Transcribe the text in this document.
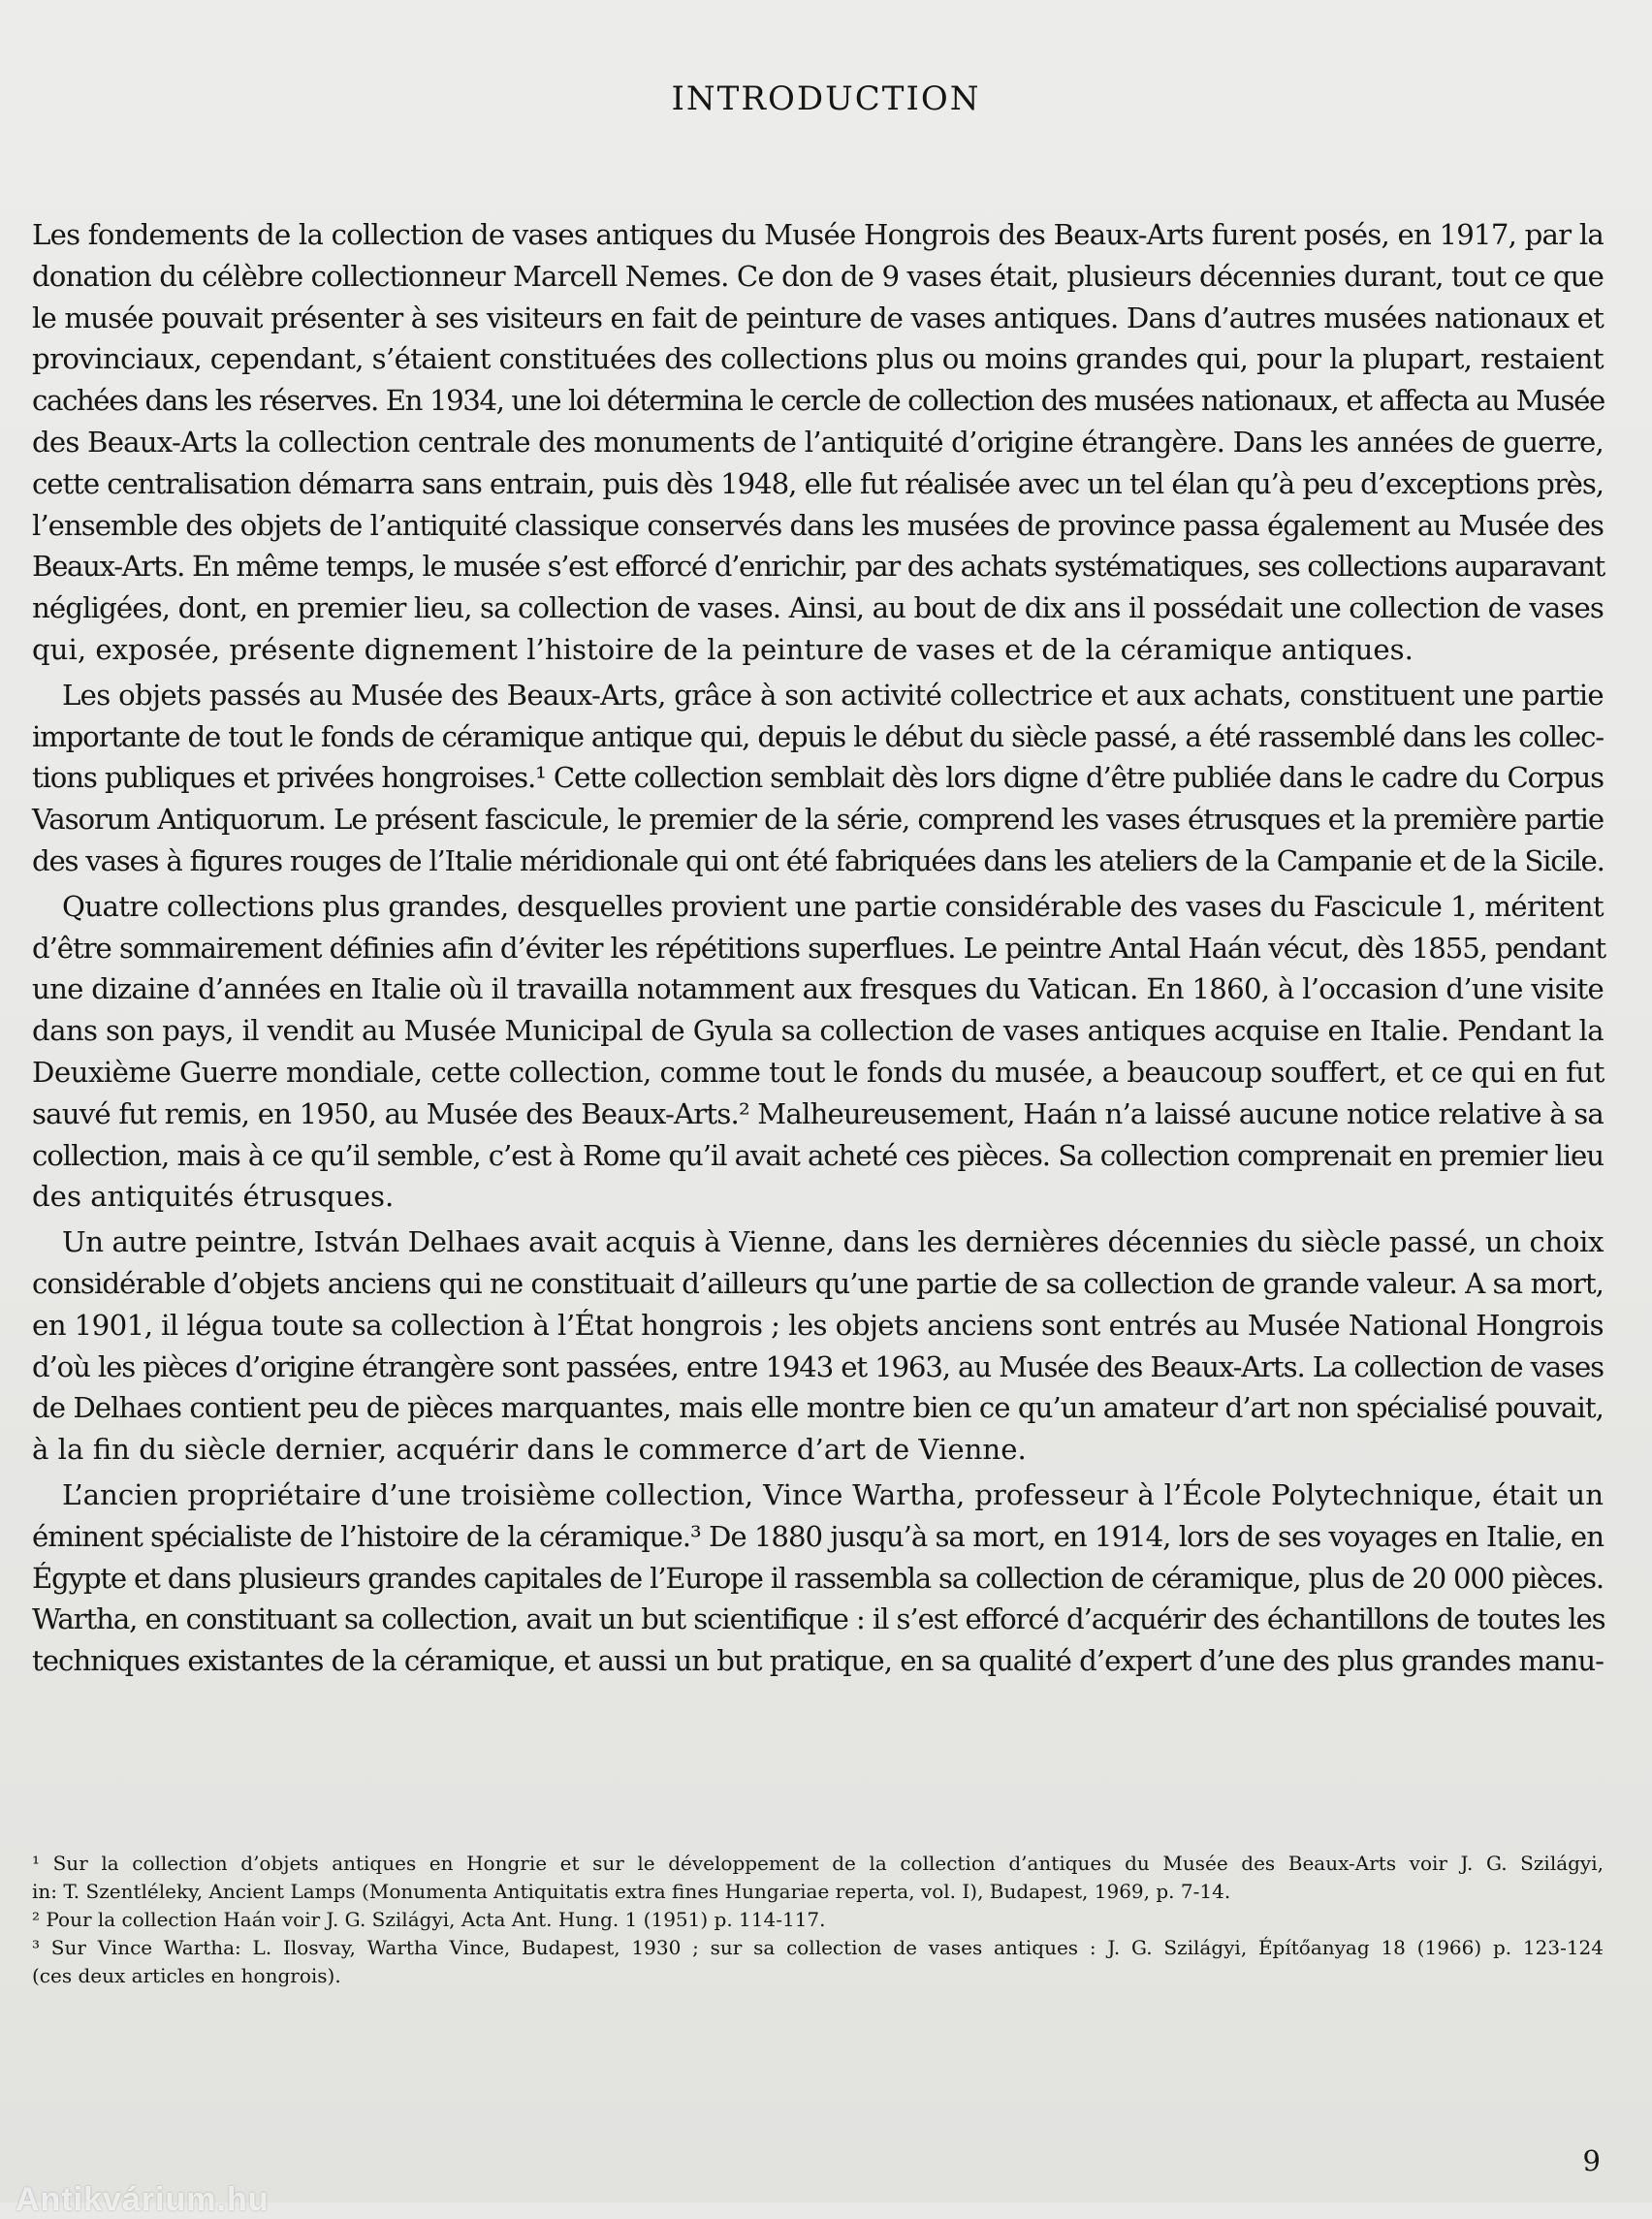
INTRODUCTION

Les fondements de la collection de vases antiques du Musée Hongrois des Beaux-Arts furent posés, en 1917, par la
donation du célèbre collectionneur Marcell Nemes. Ce don de 9 vases était, plusieurs décennies durant, tout ce que
le musée pouvait présenter à ses visiteurs en fait de peinture de vases antiques. Dans d’autres musées nationaux et
provinciaux, cependant, s’étaient constituées des collections plus ou moins grandes qui, pour la plupart, restaient
cachées dans les réserves. En 1934, une loi détermina le cercle de collection des musées nationaux, et affecta au Musée
des Beaux-Arts la collection centrale des monuments de l’antiquité d’origine étrangère. Dans les années de guerre,
cette centralisation démarra sans entrain, puis dès 1948, elle fut réalisée avec un tel élan qu’à peu d’exceptions près,
l’ensemble des objets de l’antiquité classique conservés dans les musées de province passa également au Musée des
Beaux-Arts. En même temps, le musée s’est efforcé d’enrichir, par des achats systématiques, ses collections auparavant
négligées, dont, en premier lieu, sa collection de vases. Ainsi, au bout de dix ans il possédait une collection de vases
qui, exposée, présente dignement l’histoire de la peinture de vases et de la céramique antiques.

Les objets passés au Musée des Beaux-Arts, grâce à son activité collectrice et aux achats, constituent une partie
importante de tout le fonds de céramique antique qui, depuis le début du siècle passé, a été rassemblé dans les collec-
tions publiques et privées hongroises.¹ Cette collection semblait dès lors digne d’être publiée dans le cadre du Corpus
Vasorum Antiquorum. Le présent fascicule, le premier de la série, comprend les vases étrusques et la première partie
des vases à figures rouges de l’Italie méridionale qui ont été fabriquées dans les ateliers de la Campanie et de la Sicile.

Quatre collections plus grandes, desquelles provient une partie considérable des vases du Fascicule 1, méritent
d’être sommairement définies afin d’éviter les répétitions superflues. Le peintre Antal Haán vécut, dès 1855, pendant
une dizaine d’années en Italie où il travailla notamment aux fresques du Vatican. En 1860, à l’occasion d’une visite
dans son pays, il vendit au Musée Municipal de Gyula sa collection de vases antiques acquise en Italie. Pendant la
Deuxième Guerre mondiale, cette collection, comme tout le fonds du musée, a beaucoup souffert, et ce qui en fut
sauvé fut remis, en 1950, au Musée des Beaux-Arts.² Malheureusement, Haán n’a laissé aucune notice relative à sa
collection, mais à ce qu’il semble, c’est à Rome qu’il avait acheté ces pièces. Sa collection comprenait en premier lieu
des antiquités étrusques.

Un autre peintre, István Delhaes avait acquis à Vienne, dans les dernières décennies du siècle passé, un choix
considérable d’objets anciens qui ne constituait d’ailleurs qu’une partie de sa collection de grande valeur. A sa mort,
en 1901, il légua toute sa collection à l’État hongrois ; les objets anciens sont entrés au Musée National Hongrois
d’où les pièces d’origine étrangère sont passées, entre 1943 et 1963, au Musée des Beaux-Arts. La collection de vases
de Delhaes contient peu de pièces marquantes, mais elle montre bien ce qu’un amateur d’art non spécialisé pouvait,
à la fin du siècle dernier, acquérir dans le commerce d’art de Vienne.

L’ancien propriétaire d’une troisième collection, Vince Wartha, professeur à l’École Polytechnique, était un
éminent spécialiste de l’histoire de la céramique.³ De 1880 jusqu’à sa mort, en 1914, lors de ses voyages en Italie, en
Égypte et dans plusieurs grandes capitales de l’Europe il rassembla sa collection de céramique, plus de 20 000 pièces.
Wartha, en constituant sa collection, avait un but scientifique : il s’est efforcé d’acquérir des échantillons de toutes les
techniques existantes de la céramique, et aussi un but pratique, en sa qualité d’expert d’une des plus grandes manu-

¹ Sur la collection d’objets antiques en Hongrie et sur le développement de la collection d’antiques du Musée des Beaux-Arts voir J. G. Szilágyi,
in: T. Szentléleky, Ancient Lamps (Monumenta Antiquitatis extra fines Hungariae reperta, vol. I), Budapest, 1969, p. 7-14.
² Pour la collection Haán voir J. G. Szilágyi, Acta Ant. Hung. 1 (1951) p. 114-117.
³ Sur Vince Wartha: L. Ilosvay, Wartha Vince, Budapest, 1930 ; sur sa collection de vases antiques : J. G. Szilágyi, Építőanyag 18 (1966) p. 123-124
(ces deux articles en hongrois).
9
Antikvárium.hu
